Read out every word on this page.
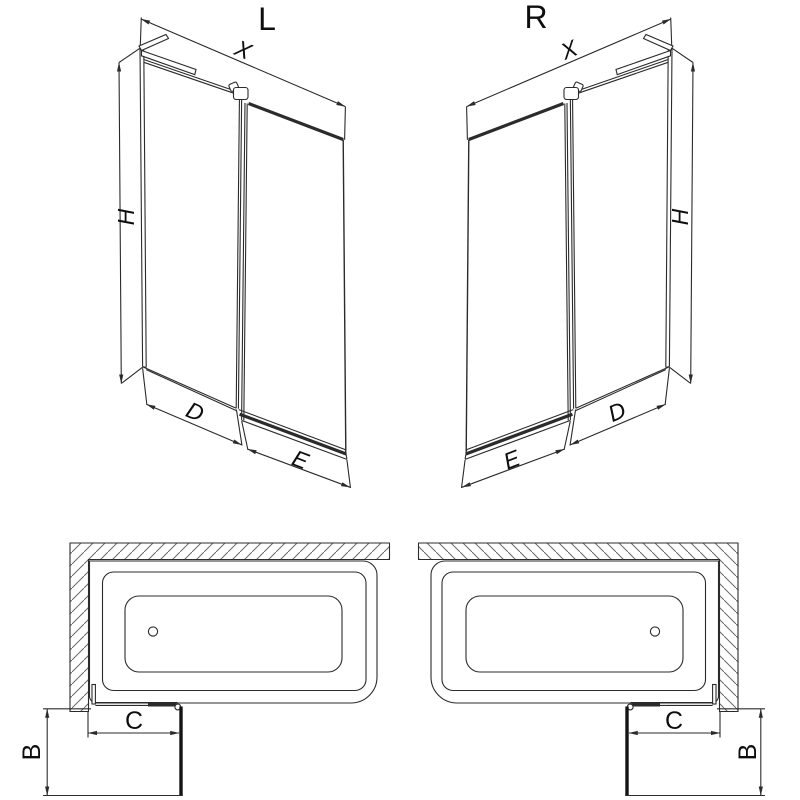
L
X
H
D
E
R
X
H
D
E
C
B
C
B
